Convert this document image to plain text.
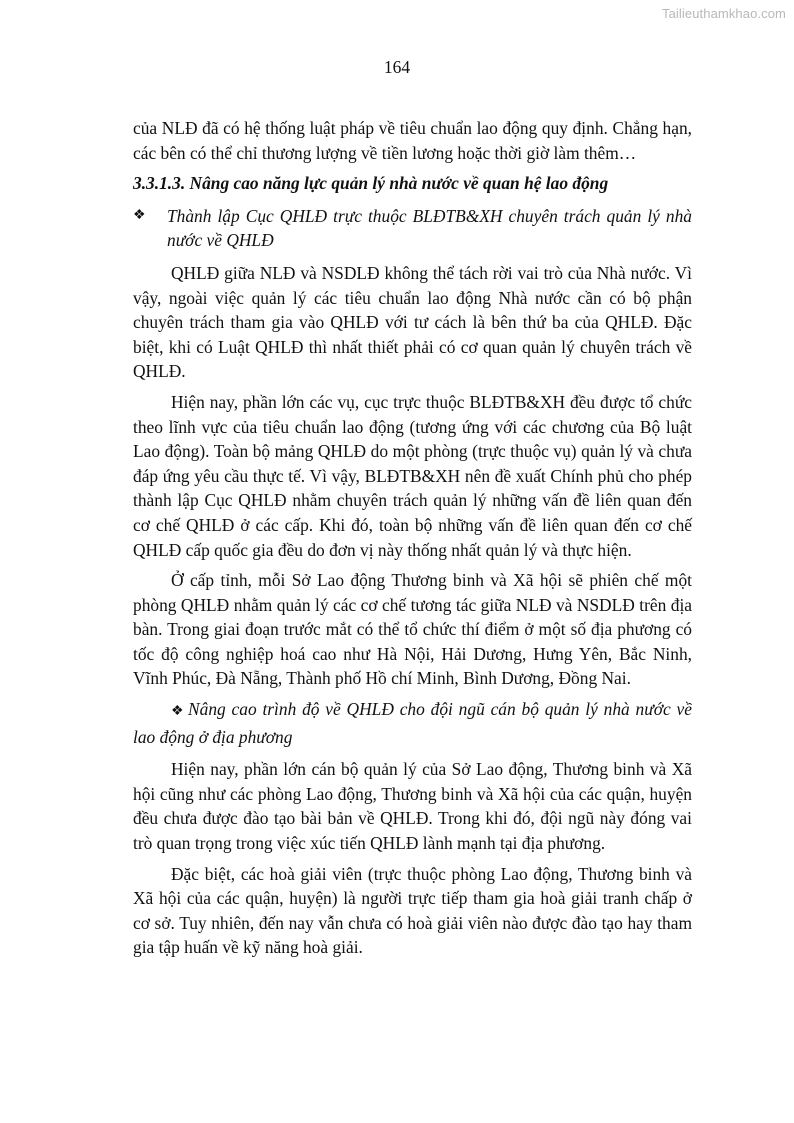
Tailieuthamkhao.com
164

của NLĐ đã có hệ thống luật pháp về tiêu chuẩn lao động quy định. Chẳng hạn, các bên có thể chỉ thương lượng về tiền lương hoặc thời giờ làm thêm…

3.3.1.3. Nâng cao năng lực quản lý nhà nước về quan hệ lao động

❖	Thành lập Cục QHLĐ trực thuộc BLĐTB&XH chuyên trách quản lý nhà nước về QHLĐ

QHLĐ giữa NLĐ và NSDLĐ không thể tách rời vai trò của Nhà nước. Vì vậy, ngoài việc quản lý các tiêu chuẩn lao động Nhà nước cần có bộ phận chuyên trách tham gia vào QHLĐ với tư cách là bên thứ ba của QHLĐ. Đặc biệt, khi có Luật QHLĐ thì nhất thiết phải có cơ quan quản lý chuyên trách về QHLĐ.

Hiện nay, phần lớn các vụ, cục trực thuộc BLĐTB&XH đều được tổ chức theo lĩnh vực của tiêu chuẩn lao động (tương ứng với các chương của Bộ luật Lao động). Toàn bộ mảng QHLĐ do một phòng (trực thuộc vụ) quản lý và chưa đáp ứng yêu cầu thực tế. Vì vậy, BLĐTB&XH nên đề xuất Chính phủ cho phép thành lập Cục QHLĐ nhằm chuyên trách quản lý những vấn đề liên quan đến cơ chế QHLĐ ở các cấp. Khi đó, toàn bộ những vấn đề liên quan đến cơ chế QHLĐ cấp quốc gia đều do đơn vị này thống nhất quản lý và thực hiện.

Ở cấp tỉnh, mỗi Sở Lao động Thương binh và Xã hội sẽ phiên chế một phòng QHLĐ nhằm quản lý các cơ chế tương tác giữa NLĐ và NSDLĐ trên địa bàn. Trong giai đoạn trước mắt có thể tổ chức thí điểm ở một số địa phương có tốc độ công nghiệp hoá cao như Hà Nội, Hải Dương, Hưng Yên, Bắc Ninh, Vĩnh Phúc, Đà Nẵng, Thành phố Hồ chí Minh, Bình Dương, Đồng Nai.

❖ Nâng cao trình độ về QHLĐ cho đội ngũ cán bộ quản lý nhà nước về lao động ở địa phương

Hiện nay, phần lớn cán bộ quản lý của Sở Lao động, Thương binh và Xã hội cũng như các phòng Lao động, Thương binh và Xã hội của các quận, huyện đều chưa được đào tạo bài bản về QHLĐ. Trong khi đó, đội ngũ này đóng vai trò quan trọng trong việc xúc tiến QHLĐ lành mạnh tại địa phương.

Đặc biệt, các hoà giải viên (trực thuộc phòng Lao động, Thương binh và Xã hội của các quận, huyện) là người trực tiếp tham gia hoà giải tranh chấp ở cơ sở. Tuy nhiên, đến nay vẫn chưa có hoà giải viên nào được đào tạo hay tham gia tập huấn về kỹ năng hoà giải.
